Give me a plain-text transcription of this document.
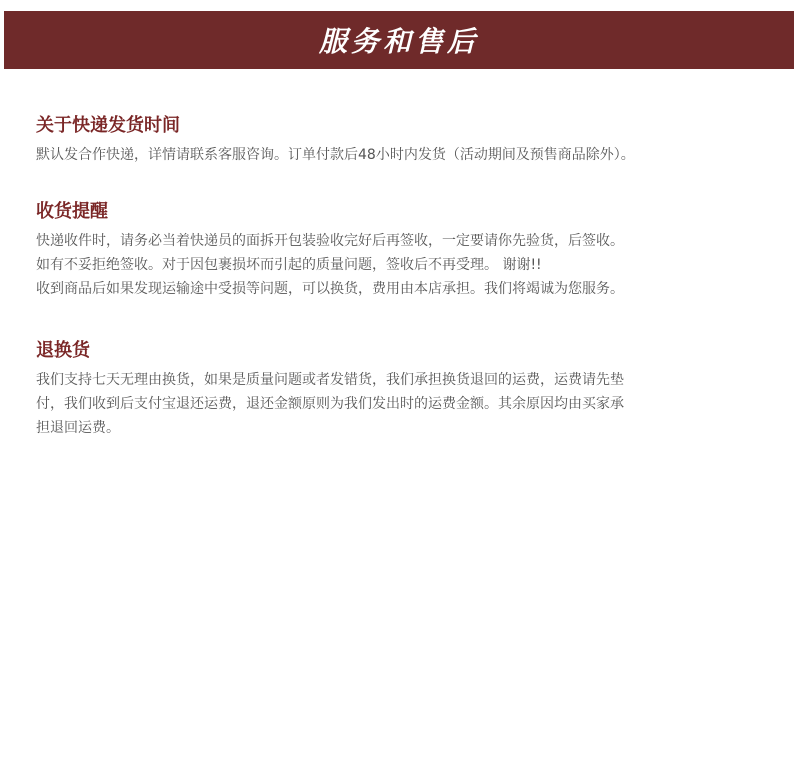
服务和售后
关于快递发货时间

默认发合作快递，详情请联系客服咨询。订单付款后48小时内发货（活动期间及预售商品除外）。

收货提醒

快递收件时，请务必当着快递员的面拆开包装验收完好后再签收，一定要请你先验货，后签收。
如有不妥拒绝签收。对于因包裹损坏而引起的质量问题，签收后不再受理。 谢谢!!
收到商品后如果发现运输途中受损等问题，可以换货，费用由本店承担。我们将竭诚为您服务。

退换货

我们支持七天无理由换货，如果是质量问题或者发错货，我们承担换货退回的运费，运费请先垫
付，我们收到后支付宝退还运费，退还金额原则为我们发出时的运费金额。其余原因均由买家承
担退回运费。
